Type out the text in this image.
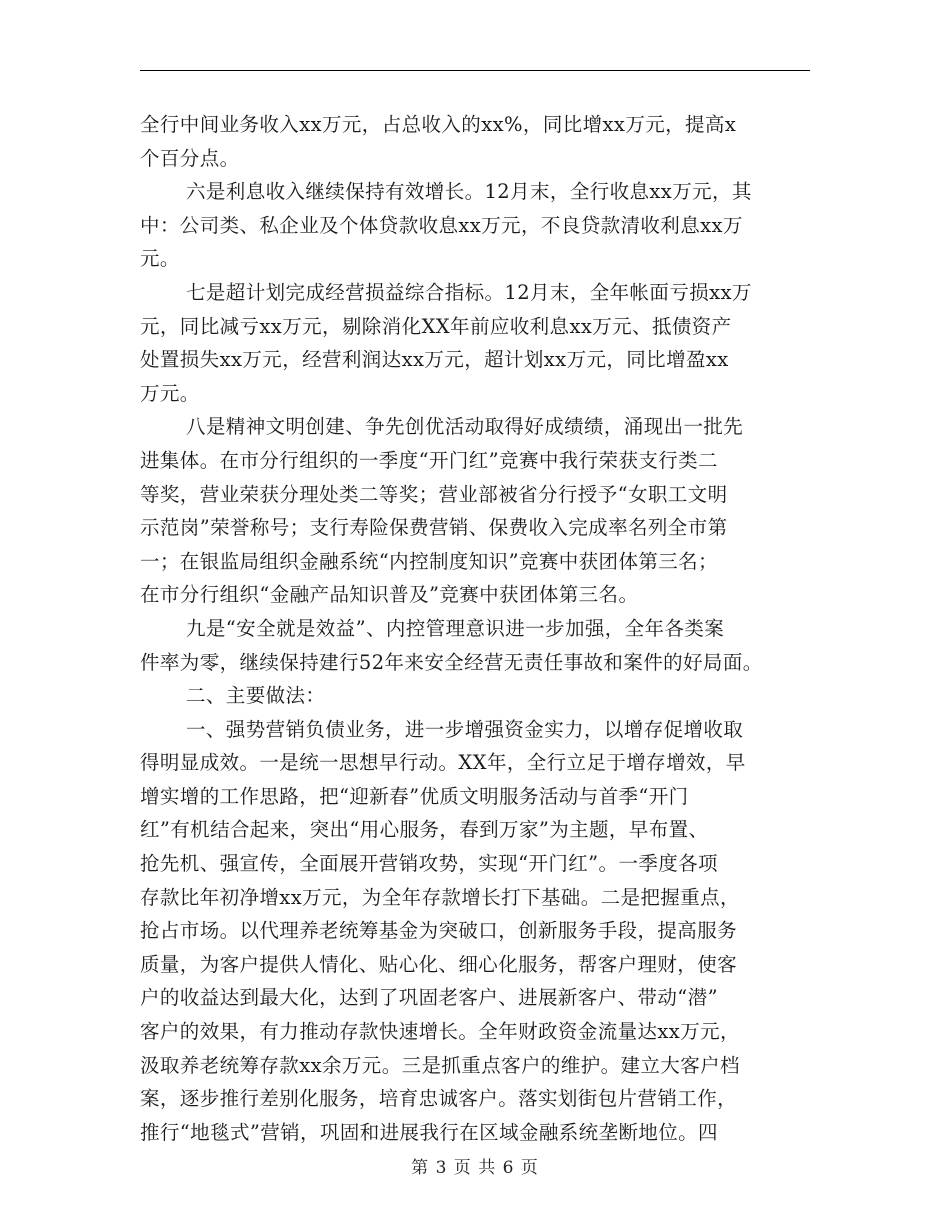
全行中间业务收入xx万元，占总收入的xx%，同比增xx万元，提高x
个百分点。
六是利息收入继续保持有效增长。12月末，全行收息xx万元，其
中：公司类、私企业及个体贷款收息xx万元，不良贷款清收利息xx万
元。
七是超计划完成经营损益综合指标。12月末，全年帐面亏损xx万
元，同比减亏xx万元，剔除消化XX年前应收利息xx万元、抵债资产
处置损失xx万元，经营利润达xx万元，超计划xx万元，同比增盈xx
万元。
八是精神文明创建、争先创优活动取得好成绩绩，涌现出一批先
进集体。在市分行组织的一季度“开门红”竞赛中我行荣获支行类二
等奖，营业荣获分理处类二等奖；营业部被省分行授予“女职工文明
示范岗”荣誉称号；支行寿险保费营销、保费收入完成率名列全市第
一；在银监局组织金融系统“内控制度知识”竞赛中获团体第三名；
在市分行组织“金融产品知识普及”竞赛中获团体第三名。
九是“安全就是效益”、内控管理意识进一步加强，全年各类案
件率为零，继续保持建行52年来安全经营无责任事故和案件的好局面。
二、主要做法：
一、强势营销负债业务，进一步增强资金实力，以增存促增收取
得明显成效。一是统一思想早行动。XX年，全行立足于增存增效，早
增实增的工作思路，把“迎新春”优质文明服务活动与首季“开门
红”有机结合起来，突出“用心服务，春到万家”为主题，早布置、
抢先机、强宣传，全面展开营销攻势，实现“开门红”。一季度各项
存款比年初净增xx万元，为全年存款增长打下基础。二是把握重点，
抢占市场。以代理养老统筹基金为突破口，创新服务手段，提高服务
质量，为客户提供人情化、贴心化、细心化服务，帮客户理财，使客
户的收益达到最大化，达到了巩固老客户、进展新客户、带动“潜”
客户的效果，有力推动存款快速增长。全年财政资金流量达xx万元，
汲取养老统筹存款xx余万元。三是抓重点客户的维护。建立大客户档
案，逐步推行差别化服务，培育忠诚客户。落实划街包片营销工作，
推行“地毯式”营销，巩固和进展我行在区域金融系统垄断地位。四
第 3 页 共 6 页
